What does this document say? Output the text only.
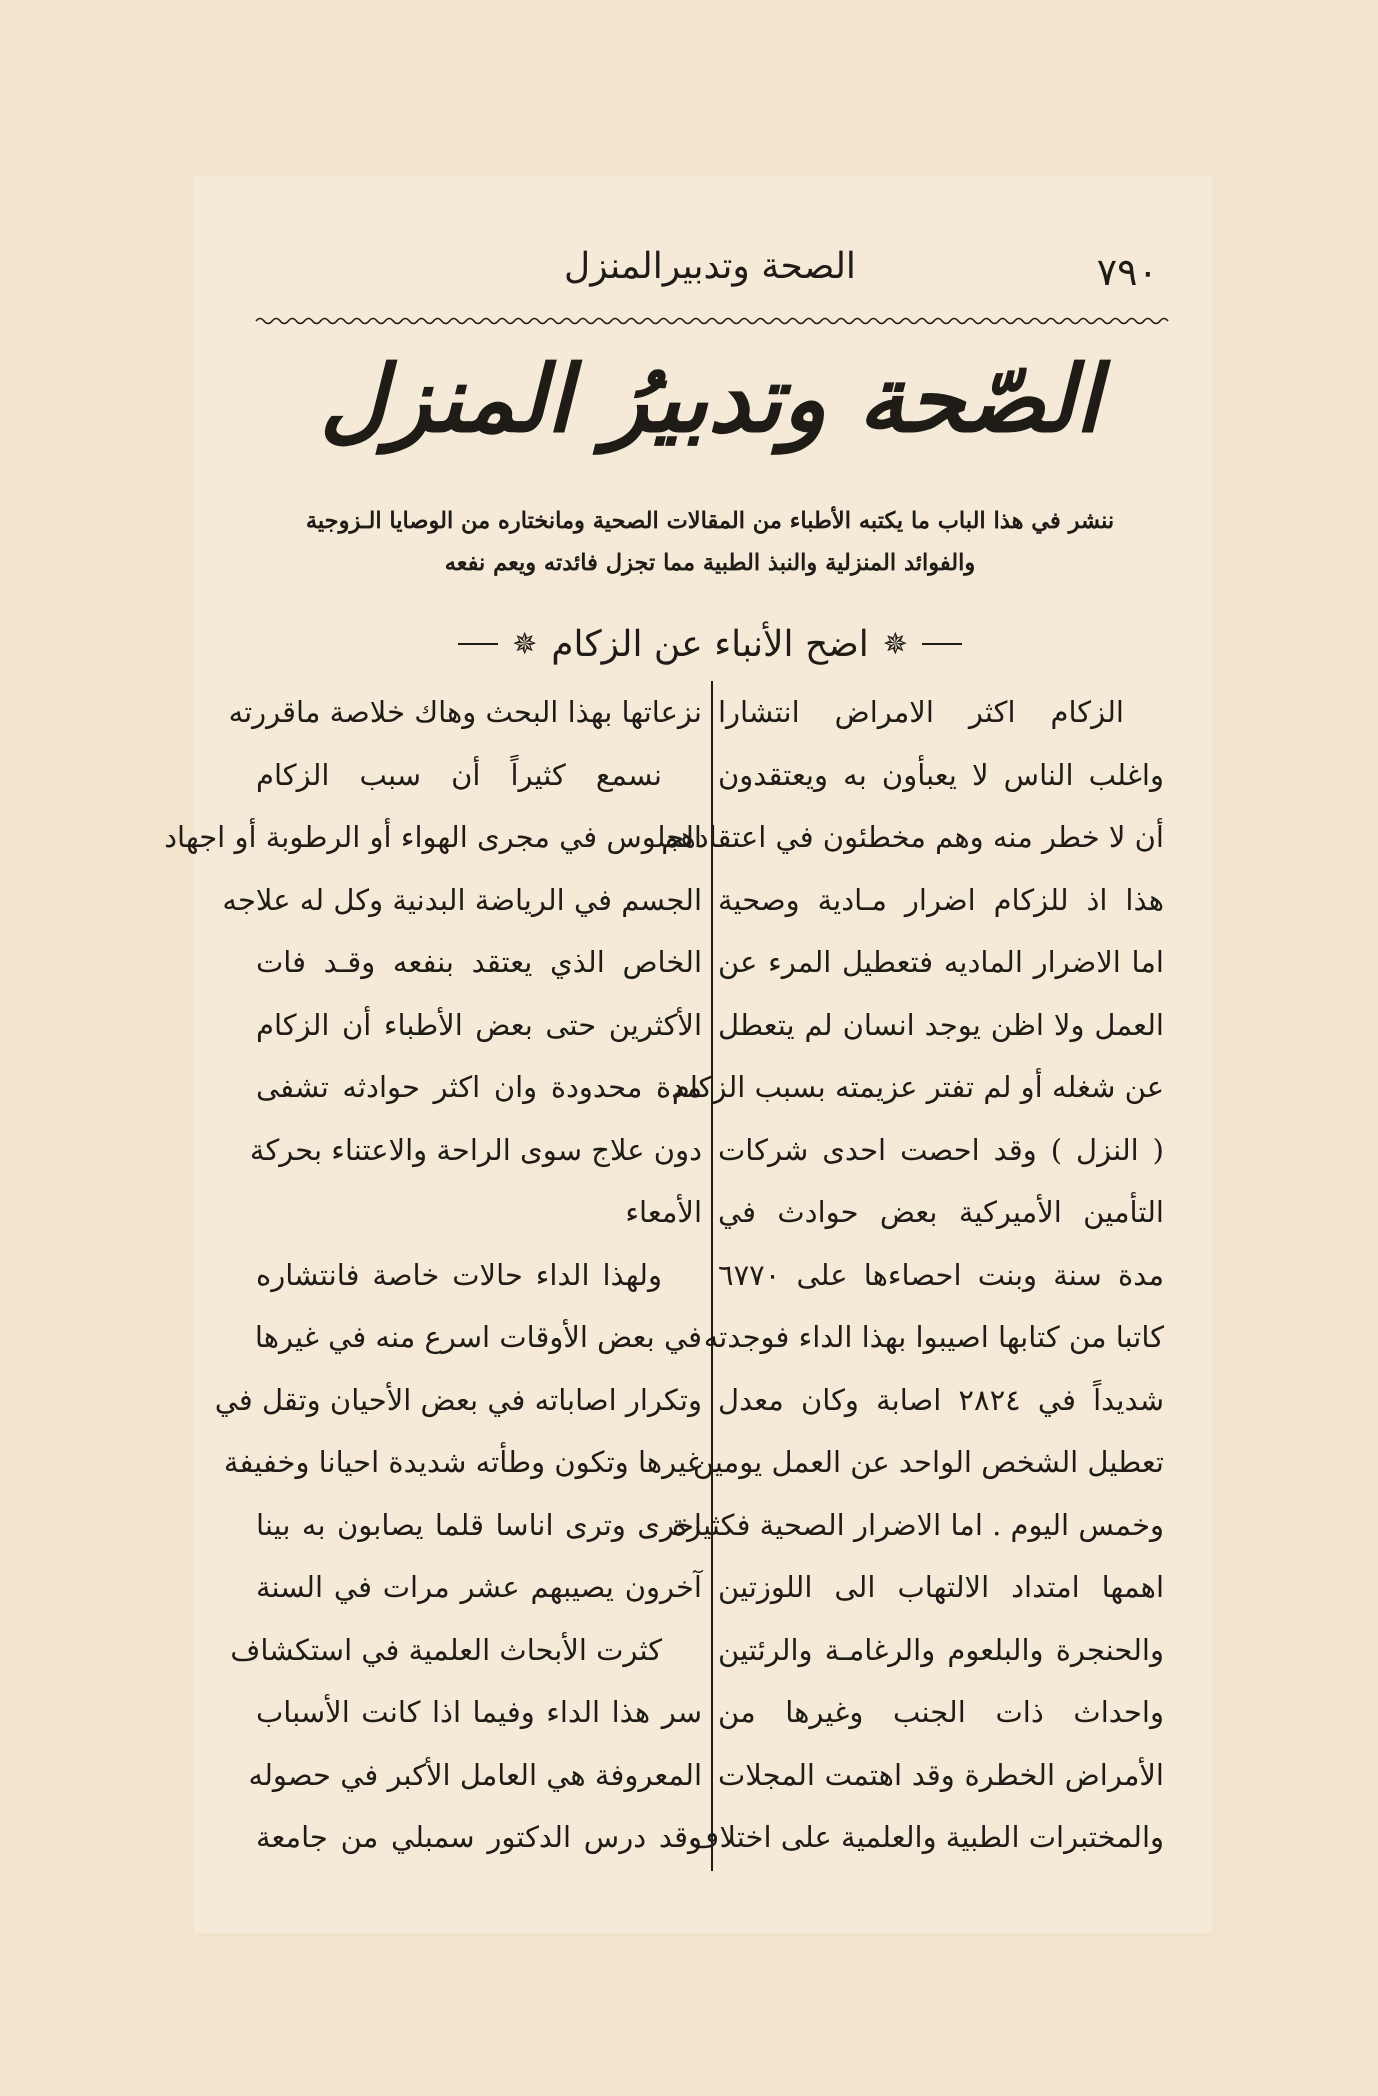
٧٩٠
الصحة وتدبيرالمنزل
الصّحة وتدبيرُ المنزل
ننشر في هذا الباب ما يكتبه الأطباء من المقالات الصحية ومانختاره من الوصايا الـزوجية
والفوائد المنزلية والنبذ الطبية مما تجزل فائدته ويعم نفعه
✵
اضح الأنباء عن الزكام
✵
الزكام اكثر الامراض انتشارا
واغلب الناس لا يعبأون به ويعتقدون
أن لا خطر منه وهم مخطئون في اعتقادهم
هذا اذ للزكام اضرار مـادية وصحية
اما الاضرار الماديه فتعطيل المرء عن
العمل ولا اظن يوجد انسان لم يتعطل
عن شغله أو لم تفتر عزيمته بسبب الزكام
( النزل ) وقد احصت احدى شركات
التأمين الأميركية بعض حوادث في
مدة سنة وبنت احصاءها على ٦٧٧٠
كاتبا من كتابها اصيبوا بهذا الداء فوجدته
شديداً في ٢٨٢٤ اصابة وكان معدل
تعطيل الشخص الواحد عن العمل يومين
وخمس اليوم . اما الاضرار الصحية فكثيرة
اهمها امتداد الالتهاب الى اللوزتين
والحنجرة والبلعوم والرغامـة والرئتين
واحداث ذات الجنب وغيرها من
الأمراض الخطرة وقد اهتمت المجلات
والمختبرات الطبية والعلمية على اختلاف
نزعاتها بهذا البحث وهاك خلاصة ماقررته
نسمع كثيراً أن سبب الزكام
الجلوس في مجرى الهواء أو الرطوبة أو اجهاد
الجسم في الرياضة البدنية وكل له علاجه
الخاص الذي يعتقد بنفعه وقـد فات
الأكثرين حتى بعض الأطباء أن الزكام
مدة محدودة وان اكثر حوادثه تشفى
دون علاج سوى الراحة والاعتناء بحركة
الأمعاء
ولهذا الداء حالات خاصة فانتشاره
في بعض الأوقات اسرع منه في غيرها
وتكرار اصاباته في بعض الأحيان وتقل في
غيرها وتكون وطأته شديدة احيانا وخفيفة
اخرى وترى اناسا قلما يصابون به بينا
آخرون يصيبهم عشر مرات في السنة
كثرت الأبحاث العلمية في استكشاف
سر هذا الداء وفيما اذا كانت الأسباب
المعروفة هي العامل الأكبر في حصوله
وقد درس الدكتور سمبلي من جامعة
